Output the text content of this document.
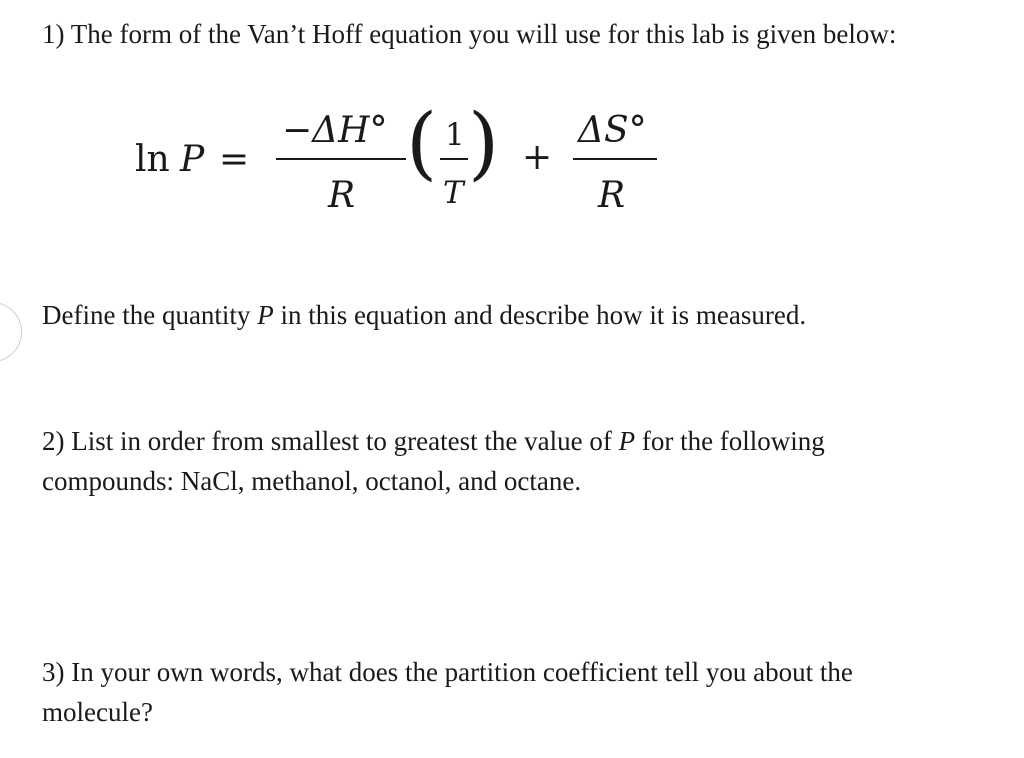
1) The form of the Van’t Hoff equation you will use for this lab is given below:
ln P =
−ΔH°
R
( 1
T
) +
ΔS°
R
Define the quantity P in this equation and describe how it is measured.
2) List in order from smallest to greatest the value of P for the following
compounds: NaCl, methanol, octanol, and octane.
3) In your own words, what does the partition coefficient tell you about the
molecule?
